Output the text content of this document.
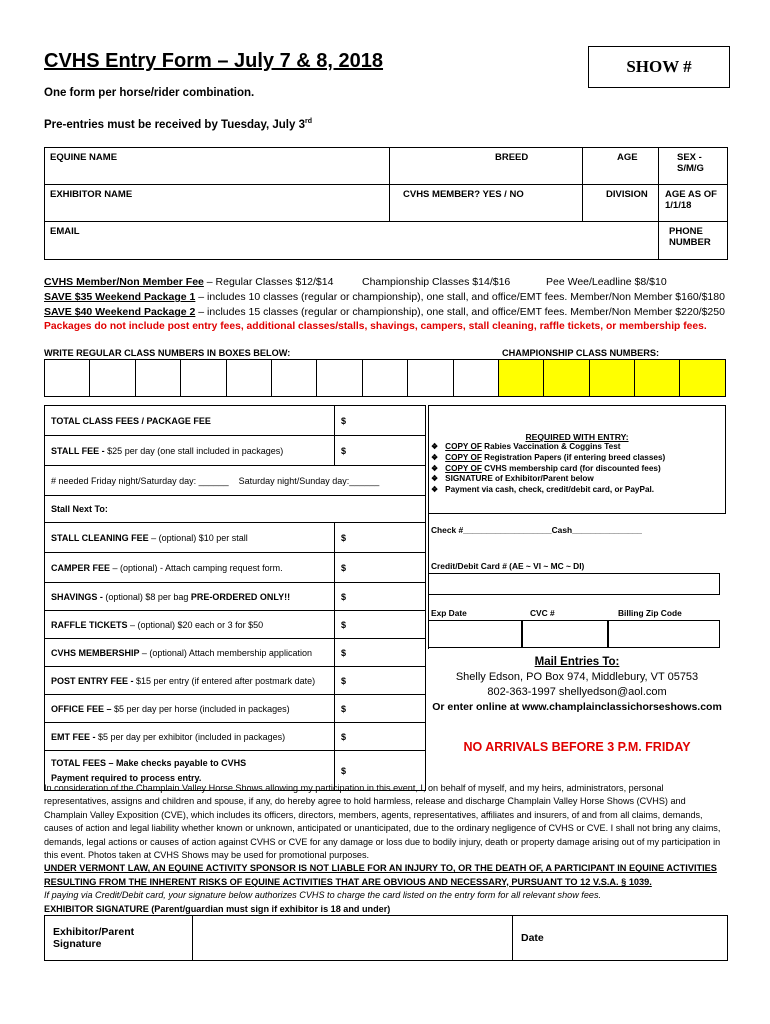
CVHS Entry Form – July 7 & 8, 2018	SHOW #
One form per horse/rider combination.
Pre-entries must be received by Tuesday, July 3rd
EQUINE NAME	BREED	AGE	SEX - S/M/G
EXHIBITOR NAME	CVHS MEMBER? YES / NO	DIVISION	AGE AS OF 1/1/18
EMAIL			PHONE NUMBER
CVHS Member/Non Member Fee – Regular Classes $12/$14	Championship Classes $14/$16	Pee Wee/Leadline $8/$10
SAVE $35 Weekend Package 1 – includes 10 classes (regular or championship), one stall, and office/EMT fees. Member/Non Member $160/$180
SAVE $40 Weekend Package 2 – includes 15 classes (regular or championship), one stall, and office/EMT fees. Member/Non Member $220/$250
Packages do not include post entry fees, additional classes/stalls, shavings, campers, stall cleaning, raffle tickets, or membership fees.
WRITE REGULAR CLASS NUMBERS IN BOXES BELOW:	CHAMPIONSHIP CLASS NUMBERS:

TOTAL CLASS FEES / PACKAGE FEE	$
STALL FEE - $25 per day (one stall included in packages)	$
# needed Friday night/Saturday day: ______ Saturday night/Sunday day:______	
Stall Next To:	
STALL CLEANING FEE – (optional) $10 per stall	$
CAMPER FEE – (optional) - Attach camping request form.	$
SHAVINGS - (optional) $8 per bag PRE-ORDERED ONLY!!	$
RAFFLE TICKETS – (optional) $20 each or 3 for $50	$
CVHS MEMBERSHIP – (optional) Attach membership application	$
POST ENTRY FEE - $15 per entry (if entered after postmark date)	$
OFFICE FEE – $5 per day per horse (included in packages)	$
EMT FEE - $5 per day per exhibitor (included in packages)	$

TOTAL FEES – Make checks payable to CVHS
Payment required to process entry.	$
REQUIRED WITH ENTRY:
❖ COPY OF Rabies Vaccination & Coggins Test
❖ COPY OF Registration Papers (if entering breed classes)
❖ COPY OF CVHS membership card (for discounted fees)
❖ SIGNATURE of Exhibitor/Parent below
❖ Payment via cash, check, credit/debit card, or PayPal.
Check #___________________Cash_______________
Credit/Debit Card # (AE ~ VI ~ MC ~ DI)
Exp Date	CVC #	Billing Zip Code
Mail Entries To:
Shelly Edson, PO Box 974, Middlebury, VT 05753
802-363-1997 shellyedson@aol.com
Or enter online at www.champlainclassichorseshows.com
NO ARRIVALS BEFORE 3 P.M. FRIDAY
In consideration of the Champlain Valley Horse Shows allowing my participation in this event, I, on behalf of myself, and my heirs, administrators, personal representatives, assigns and children and spouse, if any, do hereby agree to hold harmless, release and discharge Champlain Valley Horse Shows (CVHS) and Champlain Valley Exposition (CVE), which includes its officers, directors, members, agents, representatives, affiliates and insurers, of and from all claims, demands, causes of action and legal liability whether known or unknown, anticipated or unanticipated, due to the ordinary negligence of CVHS or CVE. I shall not bring any claims, demands, legal actions or causes of action against CVHS or CVE for any damage or loss due to bodily injury, death or property damage arising out of my participation in this event. Photos taken at CVHS Shows may be used for promotional purposes.
UNDER VERMONT LAW, AN EQUINE ACTIVITY SPONSOR IS NOT LIABLE FOR AN INJURY TO, OR THE DEATH OF, A PARTICIPANT IN EQUINE ACTIVITIES RESULTING FROM THE INHERENT RISKS OF EQUINE ACTIVITIES THAT ARE OBVIOUS AND NECESSARY, PURSUANT TO 12 V.S.A. § 1039.
If paying via Credit/Debit card, your signature below authorizes CVHS to charge the card listed on the entry form for all relevant show fees.
EXHIBITOR SIGNATURE (Parent/guardian must sign if exhibitor is 18 and under)
Exhibitor/Parent Signature		Date	
